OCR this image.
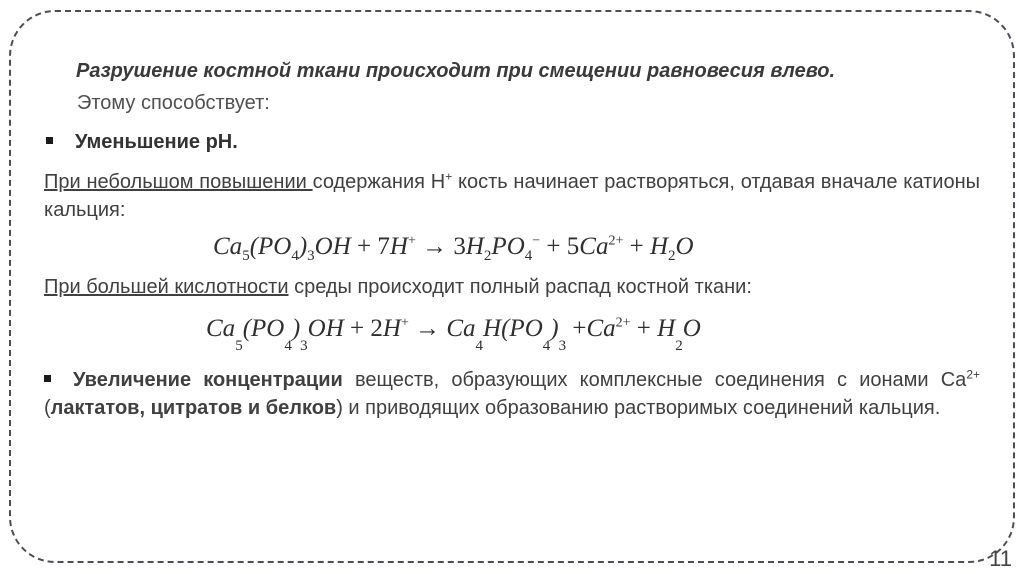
Разрушение костной ткани происходит при смещении равновесия влево.
Этому способствует:
Уменьшение pH.
При небольшом повышении содержания H+ кость начинает растворяться, отдавая вначале катионы кальция:
$Ca_5(PO_4)_3OH + 7H^+ \to 3H_2PO_4^- + 5Ca^{2+} + H_2O$
При большей кислотности среды происходит полный распад костной ткани:
$Ca_5(PO_4)_3OH + 2H^+ \to Ca_4H(PO_4)_3 +Ca^{2+} + H_2O$
Увеличение концентрации веществ, образующих комплексные соединения с ионами $Ca^{2+}$ (лактатов, цитратов и белков) и приводящих образованию растворимых соединений кальция.
11
